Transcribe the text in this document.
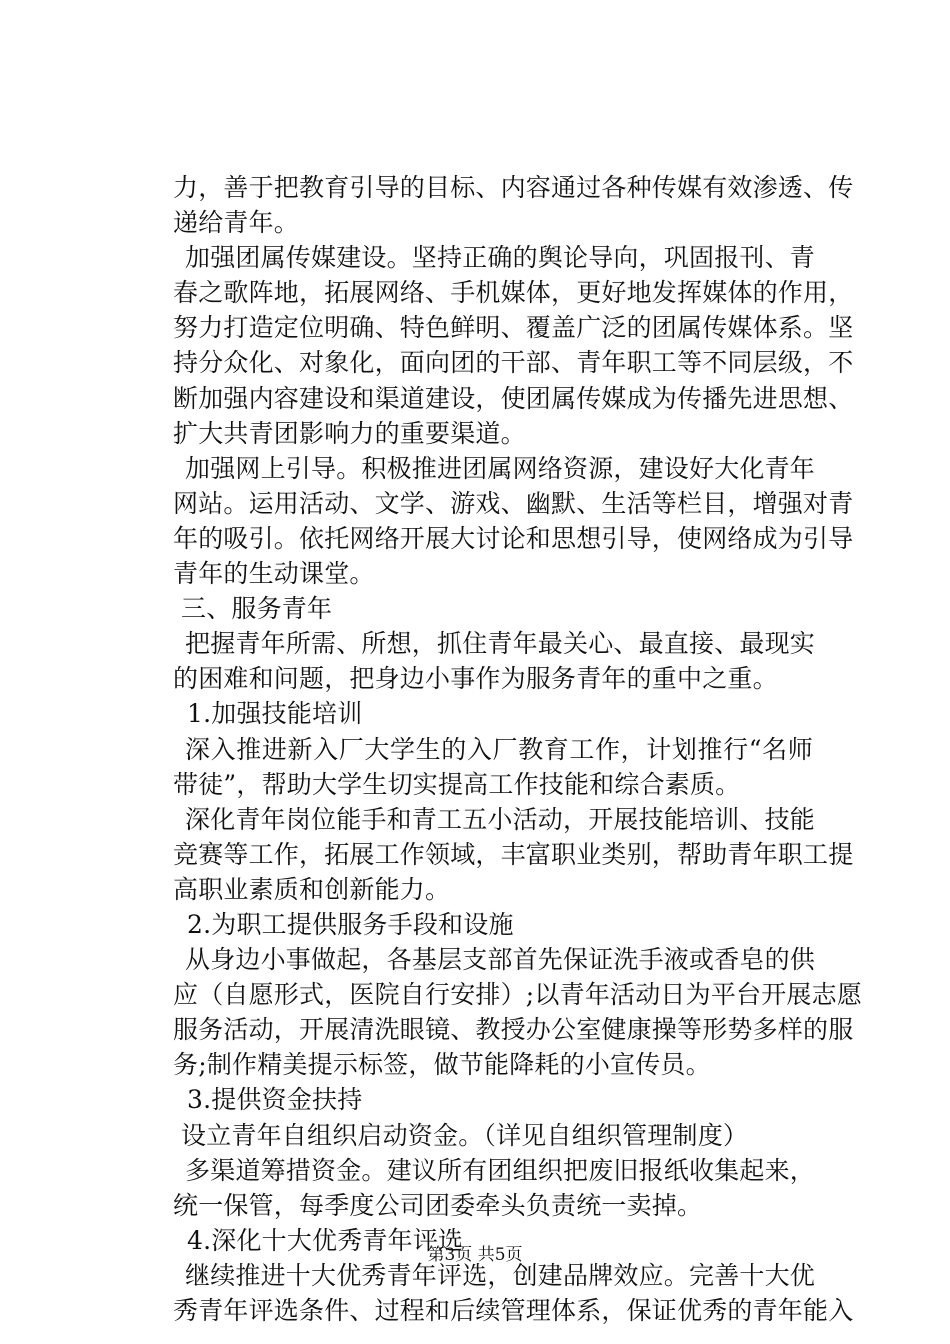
力，善于把教育引导的目标、内容通过各种传媒有效渗透、传
递给青年。
加强团属传媒建设。坚持正确的舆论导向，巩固报刊、青
春之歌阵地，拓展网络、手机媒体，更好地发挥媒体的作用，
努力打造定位明确、特色鲜明、覆盖广泛的团属传媒体系。坚
持分众化、对象化，面向团的干部、青年职工等不同层级，不
断加强内容建设和渠道建设，使团属传媒成为传播先进思想、
扩大共青团影响力的重要渠道。
加强网上引导。积极推进团属网络资源，建设好大化青年
网站。运用活动、文学、游戏、幽默、生活等栏目，增强对青
年的吸引。依托网络开展大讨论和思想引导，使网络成为引导
青年的生动课堂。
三、服务青年
把握青年所需、所想，抓住青年最关心、最直接、最现实
的困难和问题，把身边小事作为服务青年的重中之重。
1.加强技能培训
深入推进新入厂大学生的入厂教育工作，计划推行“名师
带徒”，帮助大学生切实提高工作技能和综合素质。
深化青年岗位能手和青工五小活动，开展技能培训、技能
竞赛等工作，拓展工作领域，丰富职业类别，帮助青年职工提
高职业素质和创新能力。
2.为职工提供服务手段和设施
从身边小事做起，各基层支部首先保证洗手液或香皂的供
应（自愿形式，医院自行安排）;以青年活动日为平台开展志愿
服务活动，开展清洗眼镜、教授办公室健康操等形势多样的服
务;制作精美提示标签，做节能降耗的小宣传员。
3.提供资金扶持
设立青年自组织启动资金。（详见自组织管理制度）
多渠道筹措资金。建议所有团组织把废旧报纸收集起来，
统一保管，每季度公司团委牵头负责统一卖掉。
4.深化十大优秀青年评选
继续推进十大优秀青年评选，创建品牌效应。完善十大优
秀青年评选条件、过程和后续管理体系，保证优秀的青年能入
第3页 共5页
